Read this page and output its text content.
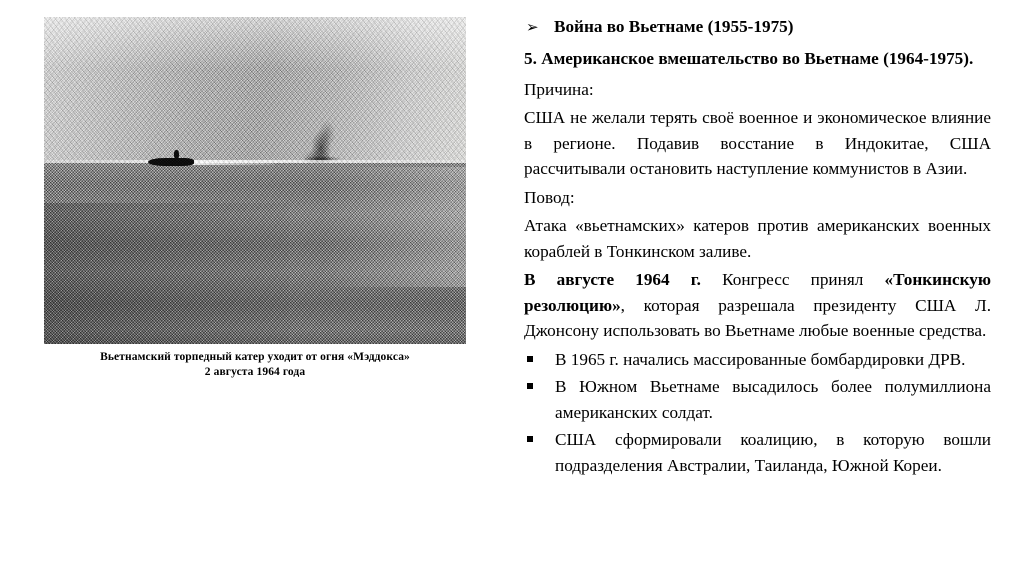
Вьетнамский торпедный катер уходит от огня «Мэддокса»
2 августа 1964 года
➢ Война во Вьетнаме (1955-1975)
5. Американское вмешательство во Вьетнаме (1964-1975).

Причина:

США не желали терять своё военное и экономическое влияние в регионе. Подавив восстание в Индокитае, США рассчитывали остановить наступление коммунистов в Азии.

Повод:

Атака «вьетнамских» катеров против американских военных кораблей в Тонкинском заливе.

В августе 1964 г. Конгресс принял «Тонкинскую резолюцию», которая разрешала президенту США Л. Джонсону использовать во Вьетнаме любые военные средства.

В 1965 г. начались массированные бомбардировки ДРВ.
В Южном Вьетнаме высадилось более полумиллиона американских солдат.
США сформировали коалицию, в которую вошли подразделения Австралии, Таиланда, Южной Кореи.
